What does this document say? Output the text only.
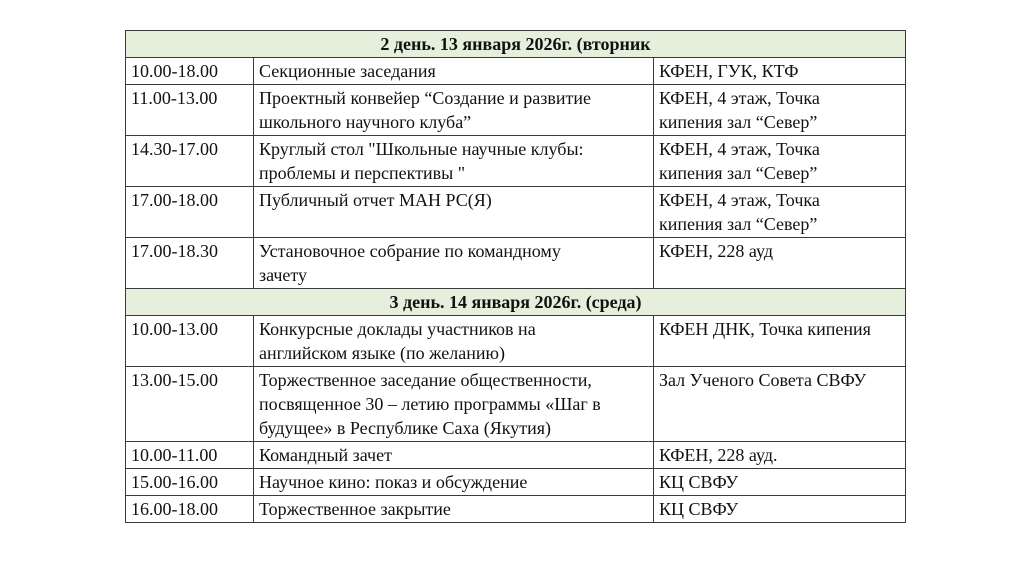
2 день. 13 января 2026г. (вторник		
10.00-18.00	Секционные заседания	КФЕН, ГУК, КТФ
11.00-13.00	Проектный конвейер “Создание и развитие
школьного научного клуба”	КФЕН, 4 этаж, Точка
кипения зал “Север”
14.30-17.00	Круглый стол "Школьные научные клубы:
проблемы и перспективы "	КФЕН, 4 этаж, Точка
кипения зал “Север”
17.00-18.00	Публичный отчет МАН РС(Я)	КФЕН, 4 этаж, Точка
кипения зал “Север”
17.00-18.30	Установочное собрание по командному
зачету	КФЕН, 228 ауд
3 день. 14 января 2026г. (среда)		
10.00-13.00	Конкурсные доклады участников на
английском языке (по желанию)	КФЕН ДНК, Точка кипения
13.00-15.00	Торжественное заседание общественности,
посвященное 30 – летию программы «Шаг в
будущее» в Республике Саха (Якутия)	Зал Ученого Совета СВФУ
10.00-11.00	Командный зачет	КФЕН, 228 ауд.
15.00-16.00	Научное кино: показ и обсуждение	КЦ СВФУ
16.00-18.00	Торжественное закрытие	КЦ СВФУ
